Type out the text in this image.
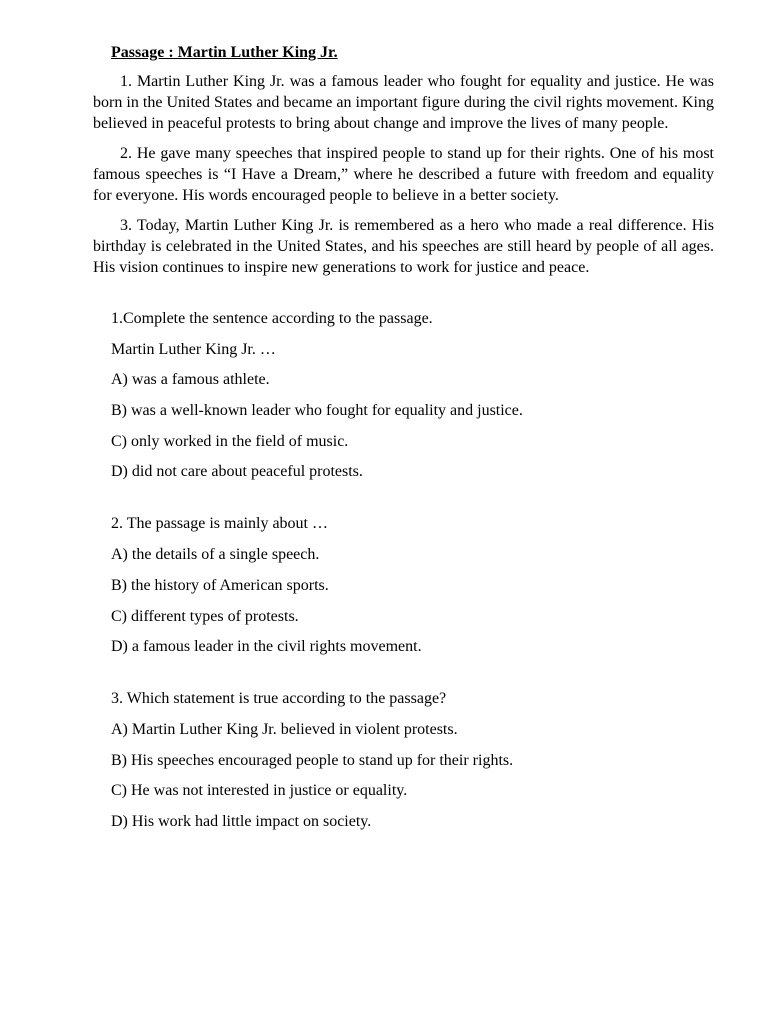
Passage : Martin Luther King Jr.

1. Martin Luther King Jr. was a famous leader who fought for equality and justice. He was born in the United States and became an important figure during the civil rights movement. King believed in peaceful protests to bring about change and improve the lives of many people.

2. He gave many speeches that inspired people to stand up for their rights. One of his most famous speeches is “I Have a Dream,” where he described a future with freedom and equality for everyone. His words encouraged people to believe in a better society.

3. Today, Martin Luther King Jr. is remembered as a hero who made a real difference. His birthday is celebrated in the United States, and his speeches are still heard by people of all ages. His vision continues to inspire new generations to work for justice and peace.

1.Complete the sentence according to the passage.
Martin Luther King Jr. …
A) was a famous athlete.
B) was a well-known leader who fought for equality and justice.
C) only worked in the field of music.
D) did not care about peaceful protests.
2. The passage is mainly about …
A) the details of a single speech.
B) the history of American sports.
C) different types of protests.
D) a famous leader in the civil rights movement.
3. Which statement is true according to the passage?
A) Martin Luther King Jr. believed in violent protests.
B) His speeches encouraged people to stand up for their rights.
C) He was not interested in justice or equality.
D) His work had little impact on society.
